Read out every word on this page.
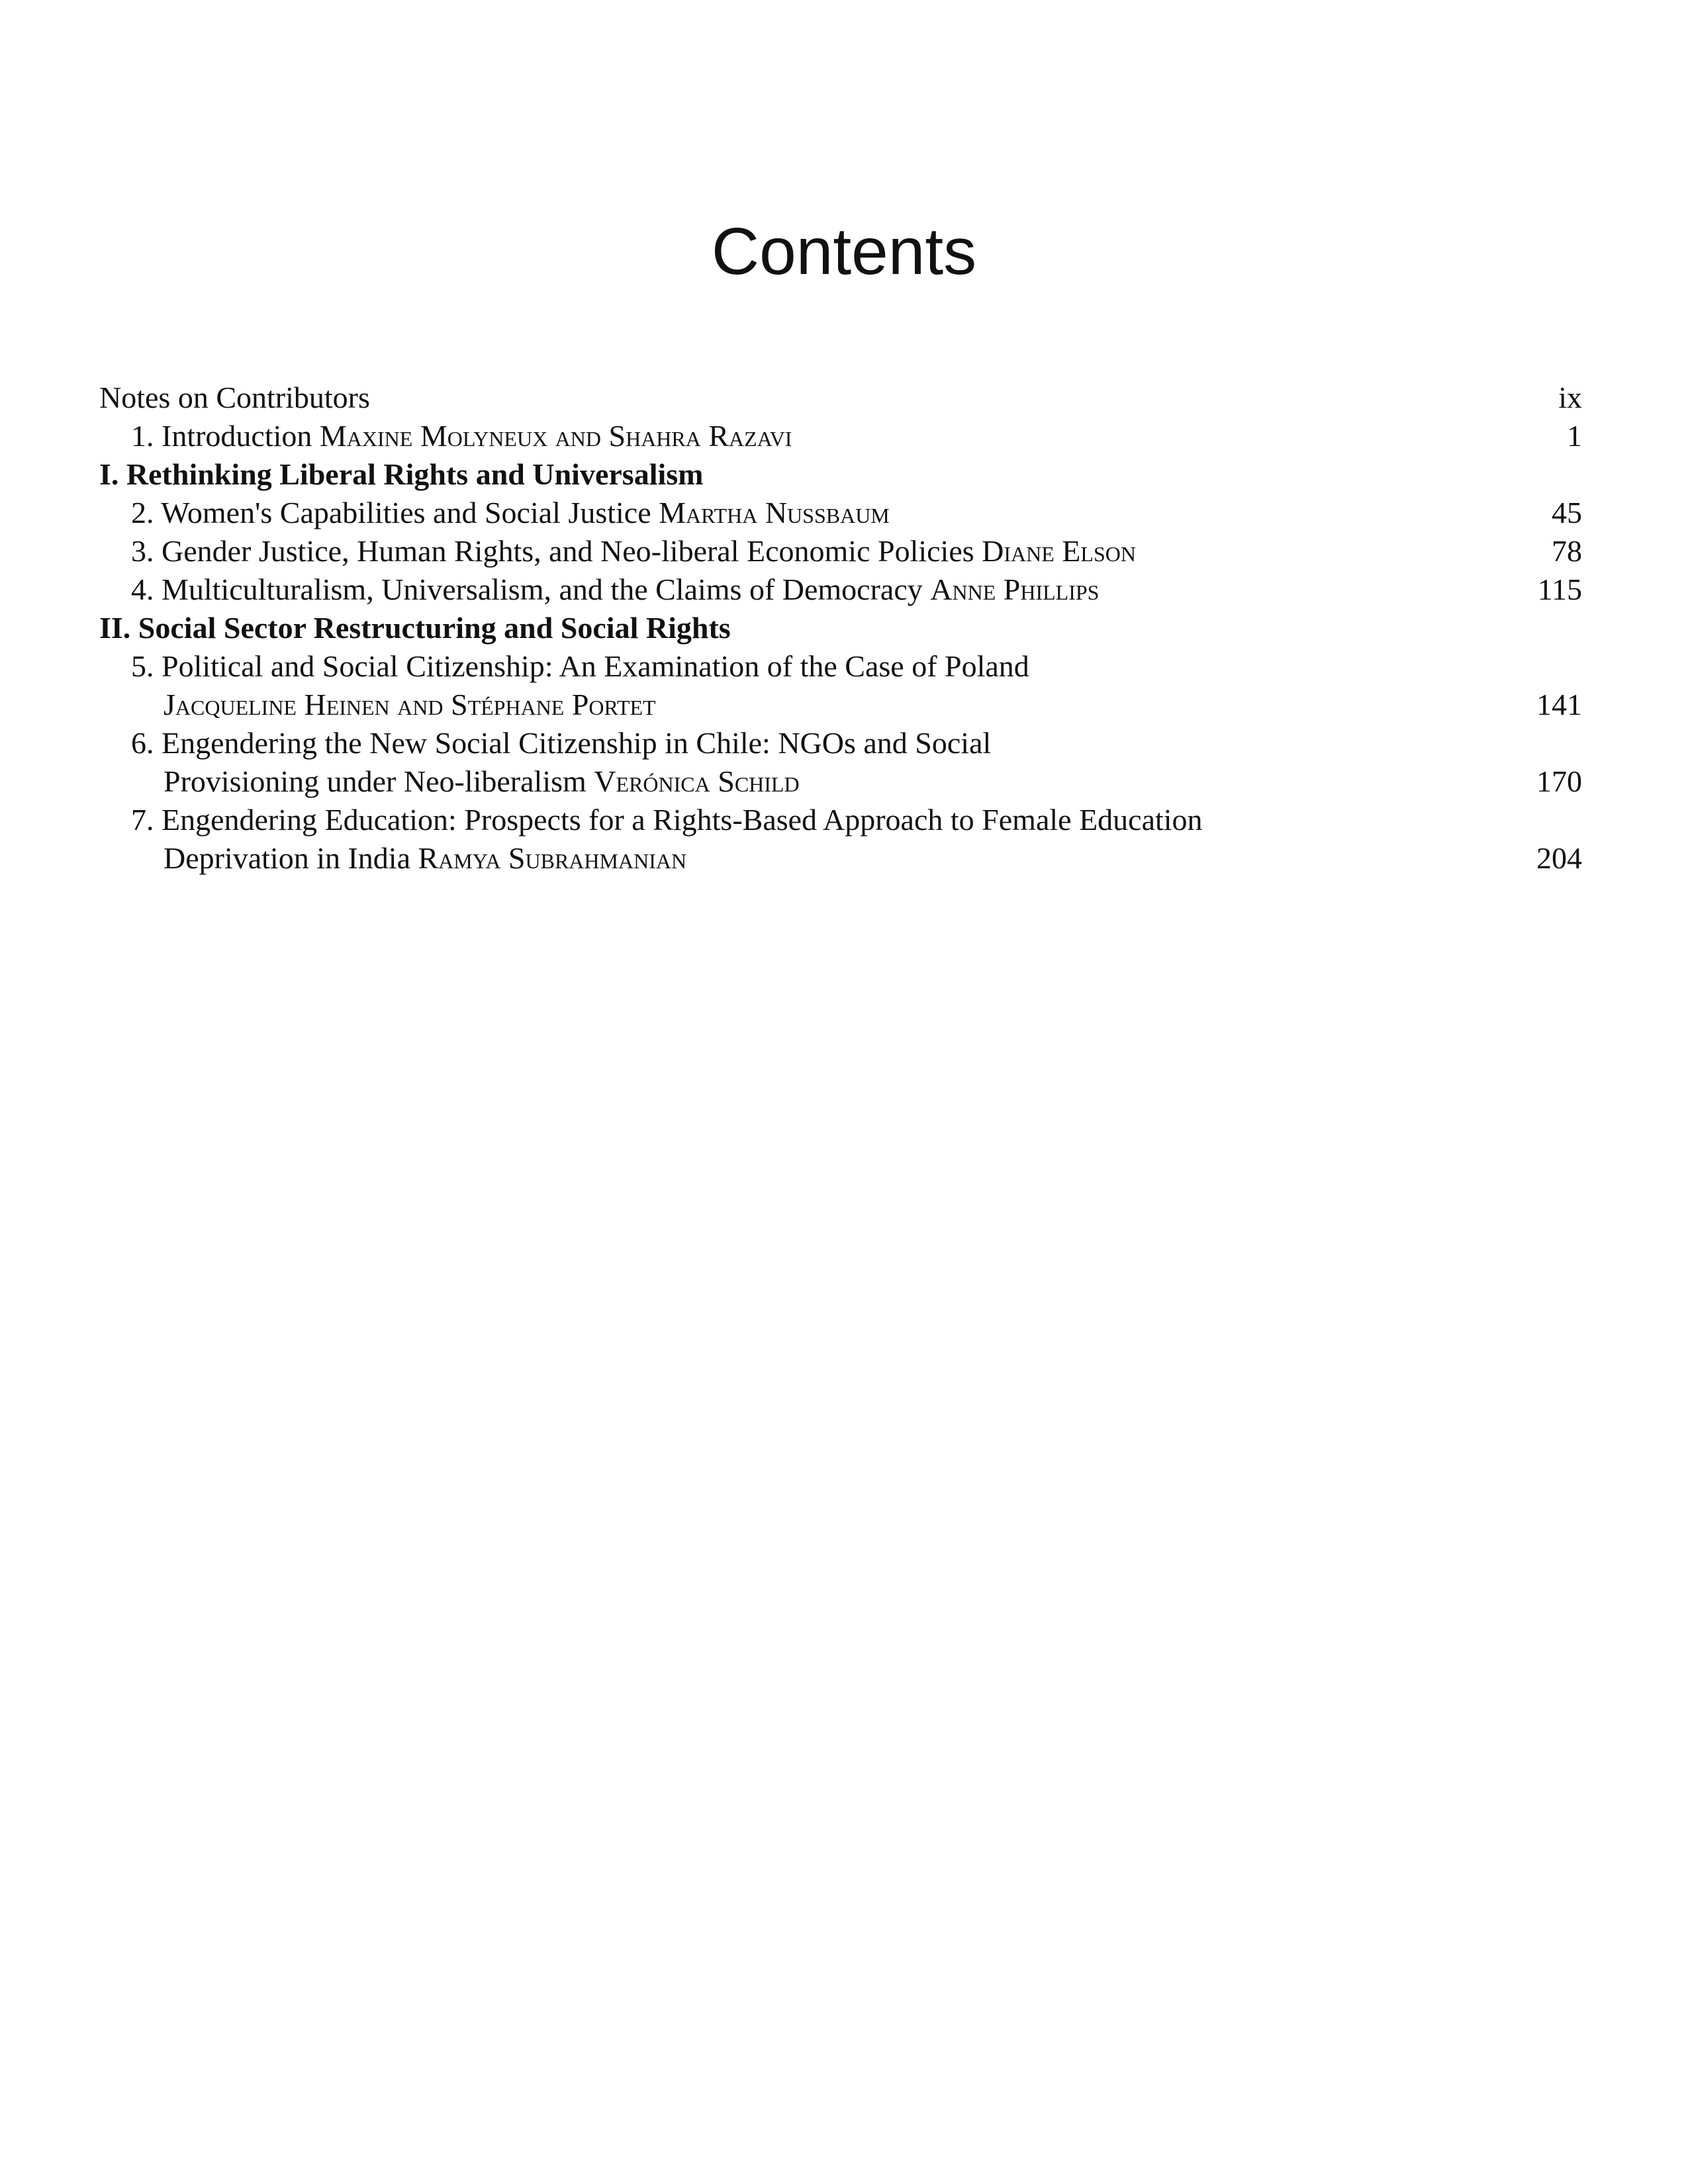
Contents
Notes on Contributors	ix
1. Introduction Maxine Molyneux and Shahra Razavi	1
I. Rethinking Liberal Rights and Universalism
2. Women's Capabilities and Social Justice Martha Nussbaum	45
3. Gender Justice, Human Rights, and Neo-liberal Economic Policies Diane Elson	78
4. Multiculturalism, Universalism, and the Claims of Democracy Anne Phillips	115
II. Social Sector Restructuring and Social Rights
5. Political and Social Citizenship: An Examination of the Case of Poland
Jacqueline Heinen and Stéphane Portet	141
6. Engendering the New Social Citizenship in Chile: NGOs and Social
Provisioning under Neo-liberalism Verónica Schild	170
7. Engendering Education: Prospects for a Rights-Based Approach to Female Education
Deprivation in India Ramya Subrahmanian	204
